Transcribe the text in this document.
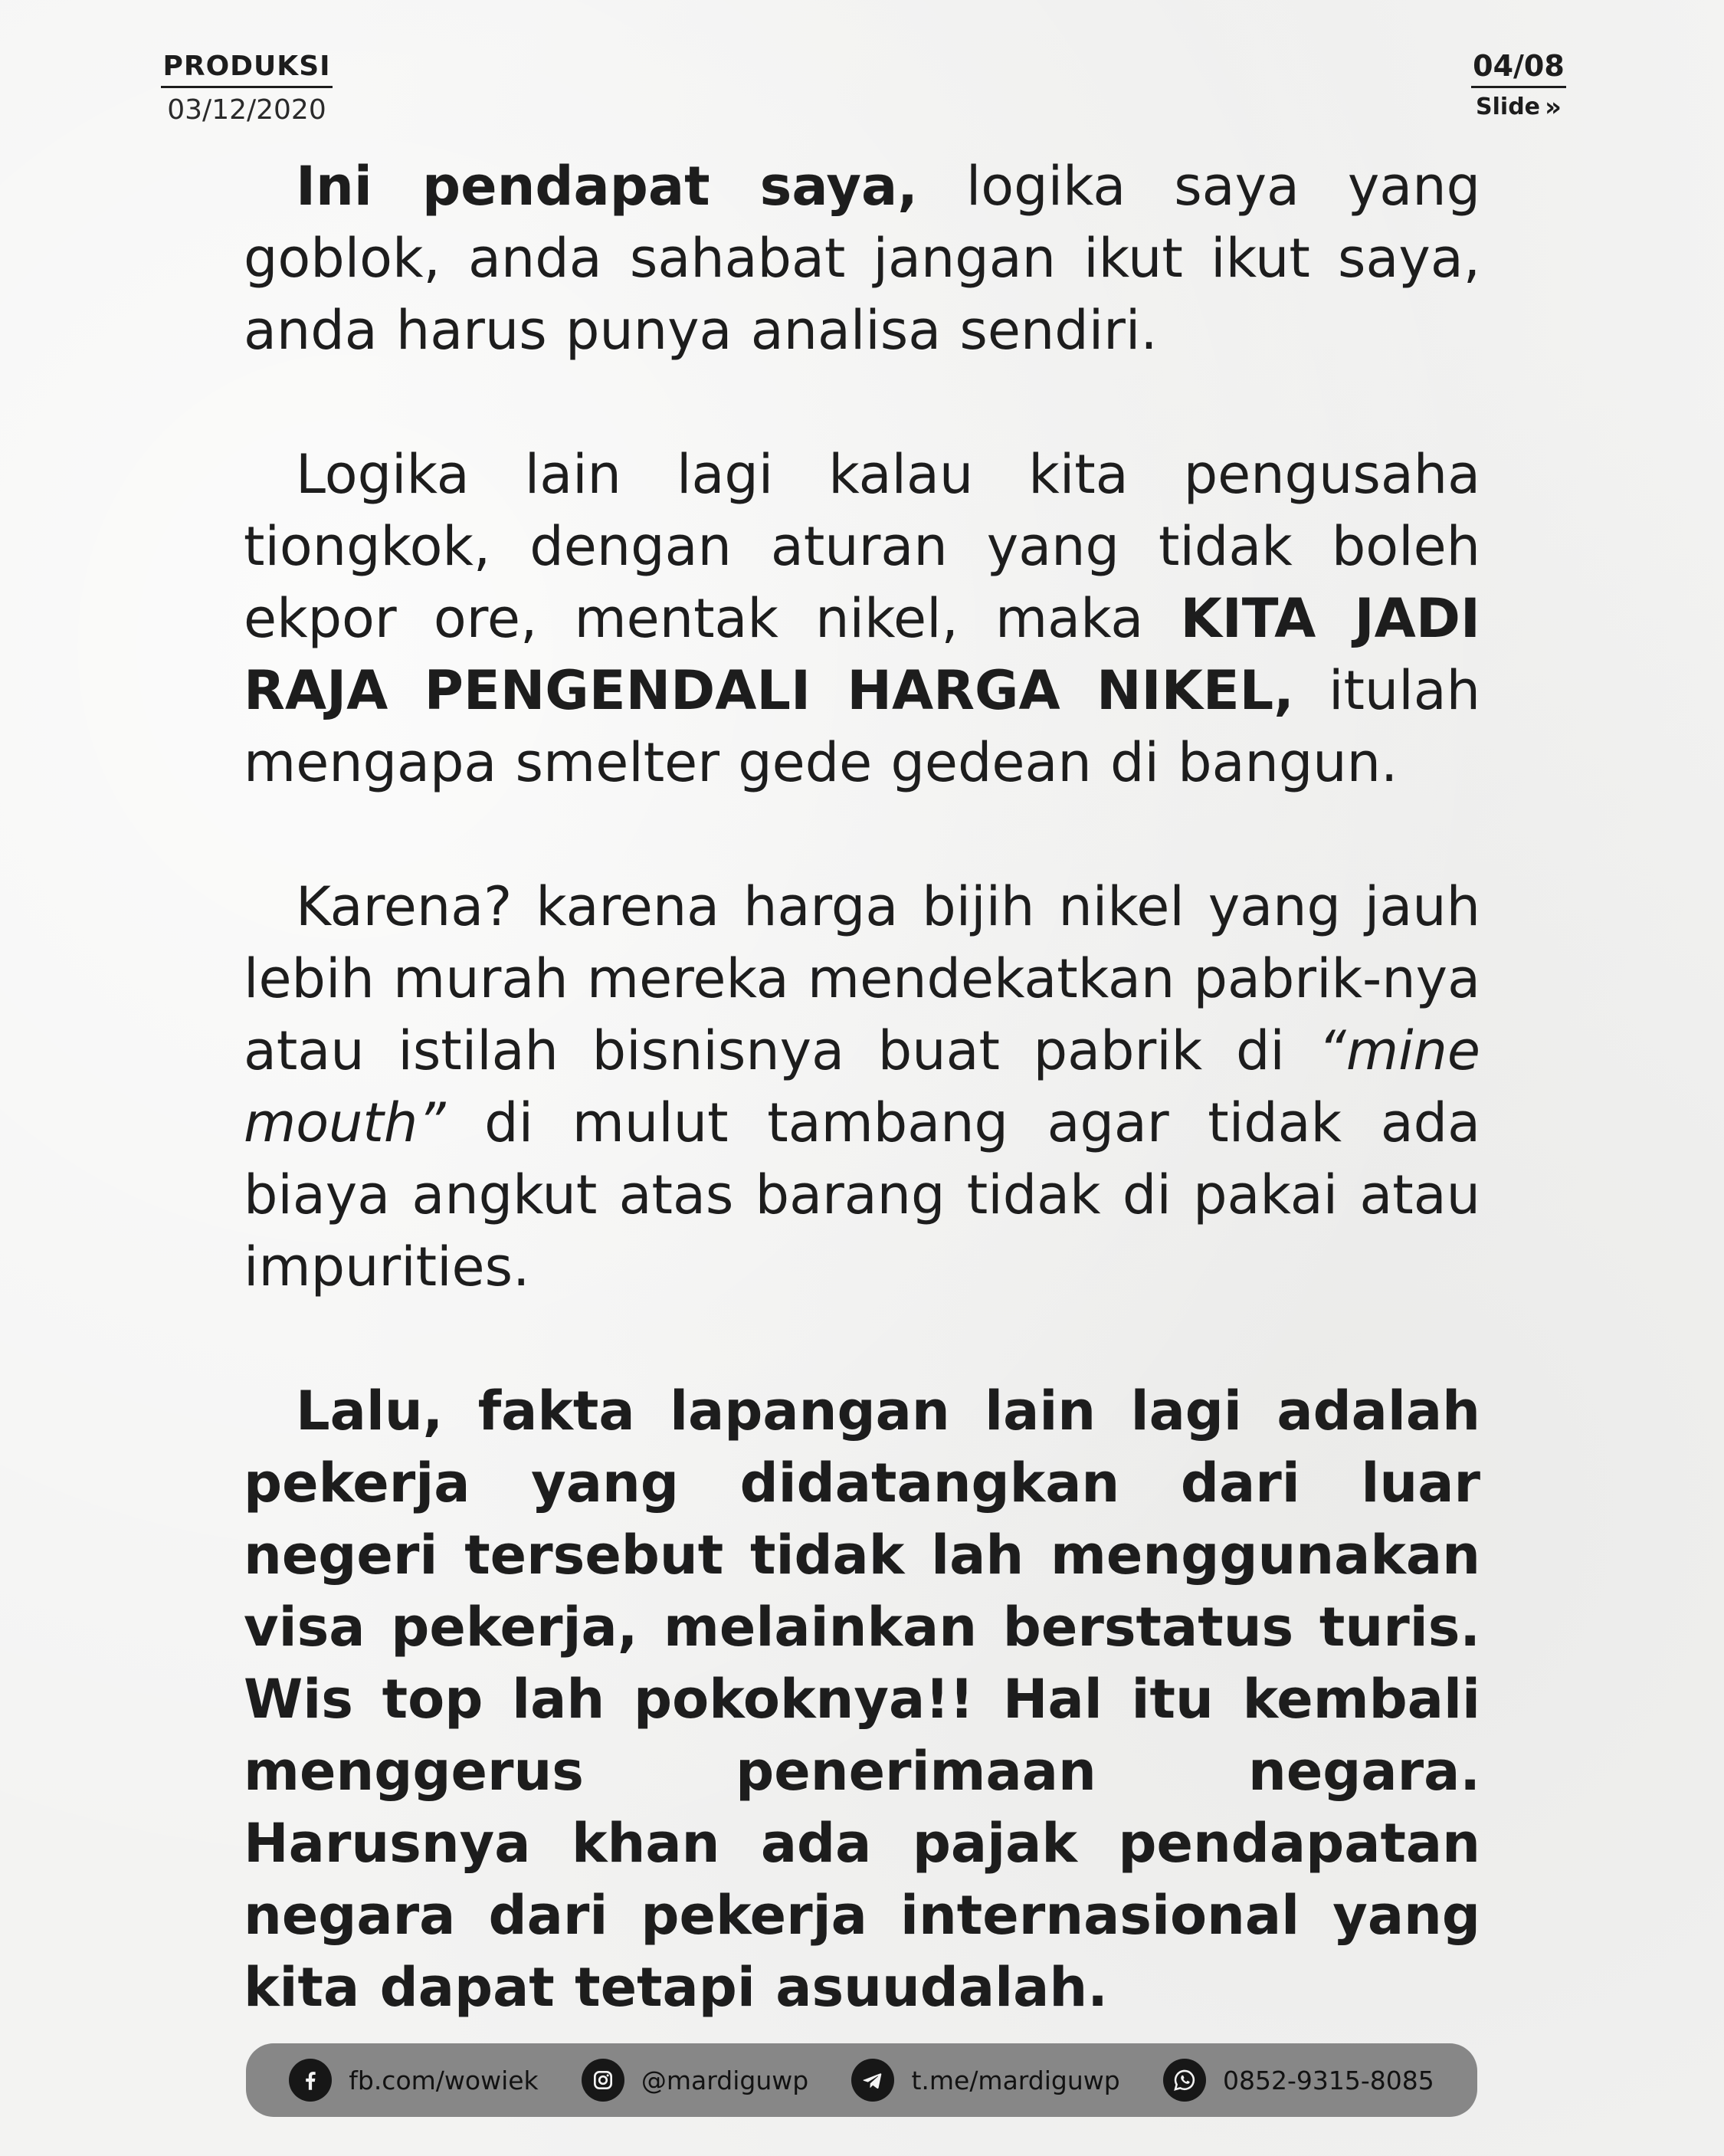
PRODUKSI
03/12/2020
04/08
Slide »

Ini pendapat saya, logika saya yang goblok, anda sahabat jangan ikut ikut saya, anda harus punya analisa sendiri.

Logika lain lagi kalau kita pengusaha tiongkok, dengan aturan yang tidak boleh ekpor ore, mentak nikel, maka KITA JADI RAJA PENGENDALI HARGA NIKEL, itulah mengapa smelter gede gedean di bangun.

Karena? karena harga bijih nikel yang jauh lebih murah mereka mendekatkan pabrik-nya atau istilah bisnisnya buat pabrik di “mine mouth” di mulut tambang agar tidak ada biaya angkut atas barang tidak di pakai atau impurities.

Lalu, fakta lapangan lain lagi adalah pekerja yang didatangkan dari luar negeri tersebut tidak lah menggunakan visa pekerja, melainkan berstatus turis. Wis top lah pokoknya!! Hal itu kembali menggerus penerimaan negara. Harusnya khan ada pajak pendapatan negara dari pekerja internasional yang kita dapat tetapi asuudalah.

fb.com/wowiek	@mardiguwp	t.me/mardiguwp	0852-9315-8085
